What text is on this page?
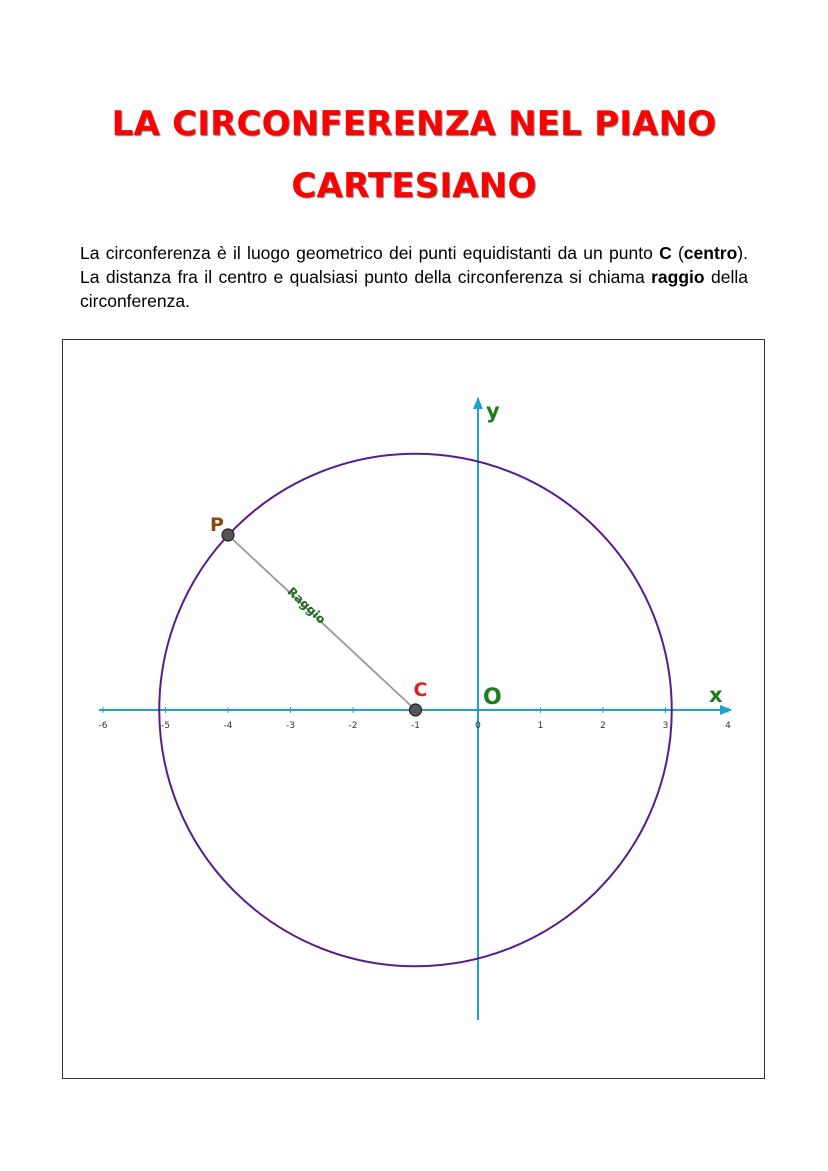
LA CIRCONFERENZA NEL PIANO
CARTESIANO

La circonferenza è il luogo geometrico dei punti equidistanti da un punto C (centro). La distanza fra il centro e qualsiasi punto della circonferenza si chiama raggio della circonferenza.

-6	-5	-4	-3	-2	-1	0	1	2	3	4
Raggio
C
P
O	x
y
